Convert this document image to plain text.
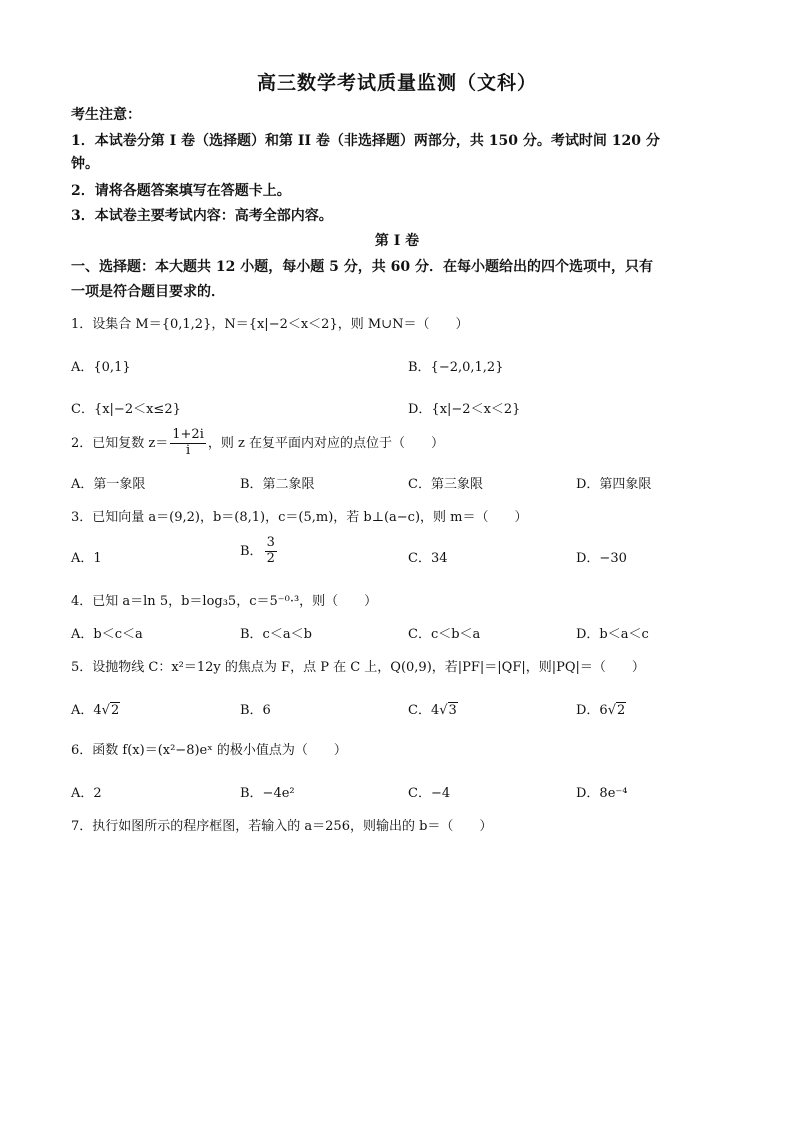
高三数学考试质量监测（文科）
考生注意：
1．本试卷分第 I 卷（选择题）和第 II 卷（非选择题）两部分，共 150 分。考试时间 120 分
钟。
2．请将各题答案填写在答题卡上。
3．本试卷主要考试内容：高考全部内容。
第 I 卷
一、选择题：本大题共 12 小题，每小题 5 分，共 60 分．在每小题给出的四个选项中，只有
一项是符合题目要求的．
1．设集合 M＝{0,1,2}，N＝{x|−2＜x＜2}，则 M∪N＝（　　）
A．{0,1}	B．{−2,0,1,2}
C．{x|−2＜x≤2}	D．{x|−2＜x＜2}
2．已知复数 $z= \frac{1+2i}{i}$ ，则 z 在复平面内对应的点位于（　　）
A．第一象限	B．第二象限	C．第三象限	D．第四象限
3．已知向量 a＝(9,2)，b＝(8,1)，c＝(5,m)，若 b⊥(a−c)，则 m＝（　　）
A．1	B． $\frac{3}{2}$	C．34	D．−30
4．已知 a＝ln 5，b＝log₃5，c＝5⁻⁰·³，则（　　）
A．b＜c＜a	B．c＜a＜b	C．c＜b＜a	D．b＜a＜c
5．设抛物线 C：x²＝12y 的焦点为 F，点 P 在 C 上，Q(0,9)，若|PF|＝|QF|，则|PQ|＝（　　）
A．4√2	B．6	C．4√3	D．6√2
6．函数 f(x)＝(x²−8)eˣ 的极小值点为（　　）
A．2	B．−4e²	C．−4	D．8e⁻⁴
7．执行如图所示的程序框图，若输入的 a＝256，则输出的 b＝（　　）
